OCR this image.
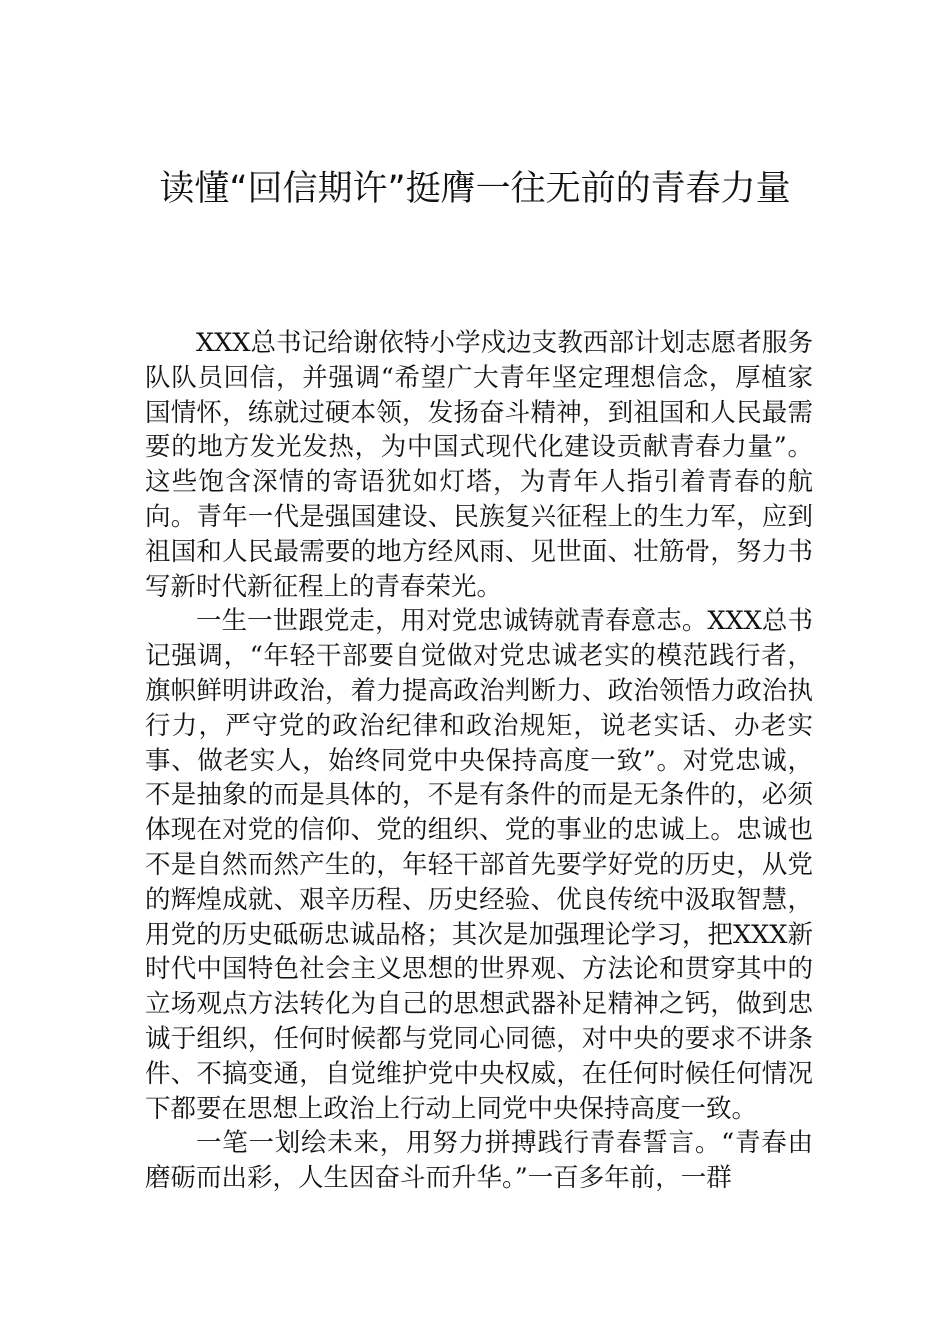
读懂“回信期许”挺膺一往无前的青春力量

XXX总书记给谢依特小学戍边支教西部计划志愿者服务队队员回信，并强调“希望广大青年坚定理想信念，厚植家国情怀，练就过硬本领，发扬奋斗精神，到祖国和人民最需要的地方发光发热，为中国式现代化建设贡献青春力量”。这些饱含深情的寄语犹如灯塔，为青年人指引着青春的航向。青年一代是强国建设、民族复兴征程上的生力军，应到祖国和人民最需要的地方经风雨、见世面、壮筋骨，努力书写新时代新征程上的青春荣光。

一生一世跟党走，用对党忠诚铸就青春意志。XXX总书记强调，“年轻干部要自觉做对党忠诚老实的模范践行者，旗帜鲜明讲政治，着力提高政治判断力、政治领悟力政治执行力，严守党的政治纪律和政治规矩，说老实话、办老实事、做老实人，始终同党中央保持高度一致”。对党忠诚，不是抽象的而是具体的，不是有条件的而是无条件的，必须体现在对党的信仰、党的组织、党的事业的忠诚上。忠诚也不是自然而然产生的，年轻干部首先要学好党的历史，从党的辉煌成就、艰辛历程、历史经验、优良传统中汲取智慧，用党的历史砥砺忠诚品格；其次是加强理论学习，把XXX新时代中国特色社会主义思想的世界观、方法论和贯穿其中的立场观点方法转化为自己的思想武器补足精神之钙，做到忠诚于组织，任何时候都与党同心同德，对中央的要求不讲条件、不搞变通，自觉维护党中央权威，在任何时候任何情况下都要在思想上政治上行动上同党中央保持高度一致。

一笔一划绘未来，用努力拼搏践行青春誓言。“青春由磨砺而出彩，人生因奋斗而升华。”一百多年前，一群
